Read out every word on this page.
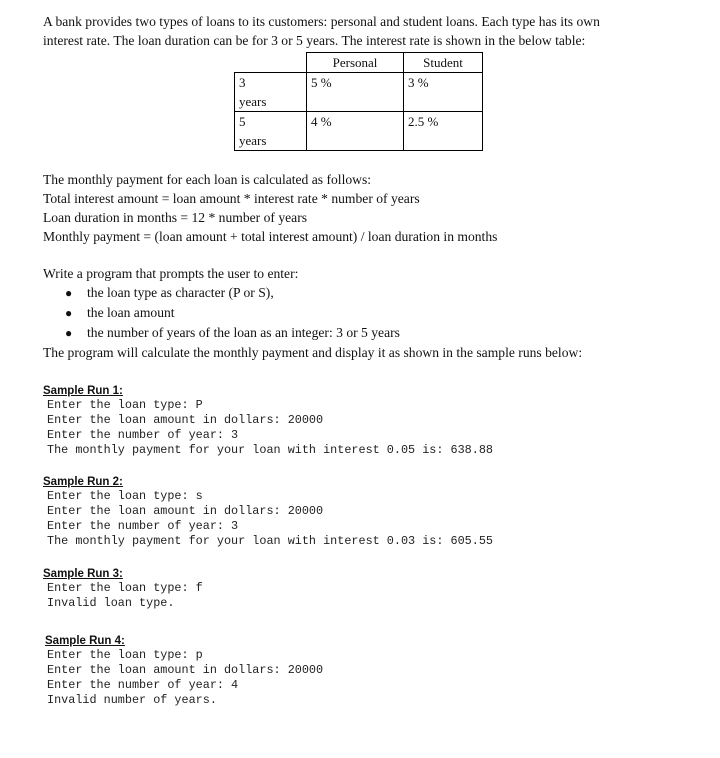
A bank provides two types of loans to its customers: personal and student loans. Each type has its own

interest rate. The loan duration can be for 3 or 5 years. The interest rate is shown in the below table:

	Personal	Student

3
years	5 %	3 %

5
years	4 %	2.5 %

The monthly payment for each loan is calculated as follows:

Total interest amount = loan amount * interest rate * number of years

Loan duration in months = 12 * number of years

Monthly payment = (loan amount + total interest amount) / loan duration in months

Write a program that prompts the user to enter:

● the loan type as character (P or S),
● the loan amount
● the number of years of the loan as an integer: 3 or 5 years

The program will calculate the monthly payment and display it as shown in the sample runs below:

Sample Run 1:

Enter the loan type: P
Enter the loan amount in dollars: 20000
Enter the number of year: 3
The monthly payment for your loan with interest 0.05 is: 638.88

Sample Run 2:

Enter the loan type: s
Enter the loan amount in dollars: 20000
Enter the number of year: 3
The monthly payment for your loan with interest 0.03 is: 605.55

Sample Run 3:

Enter the loan type: f
Invalid loan type.

Sample Run 4:

Enter the loan type: p
Enter the loan amount in dollars: 20000
Enter the number of year: 4
Invalid number of years.
